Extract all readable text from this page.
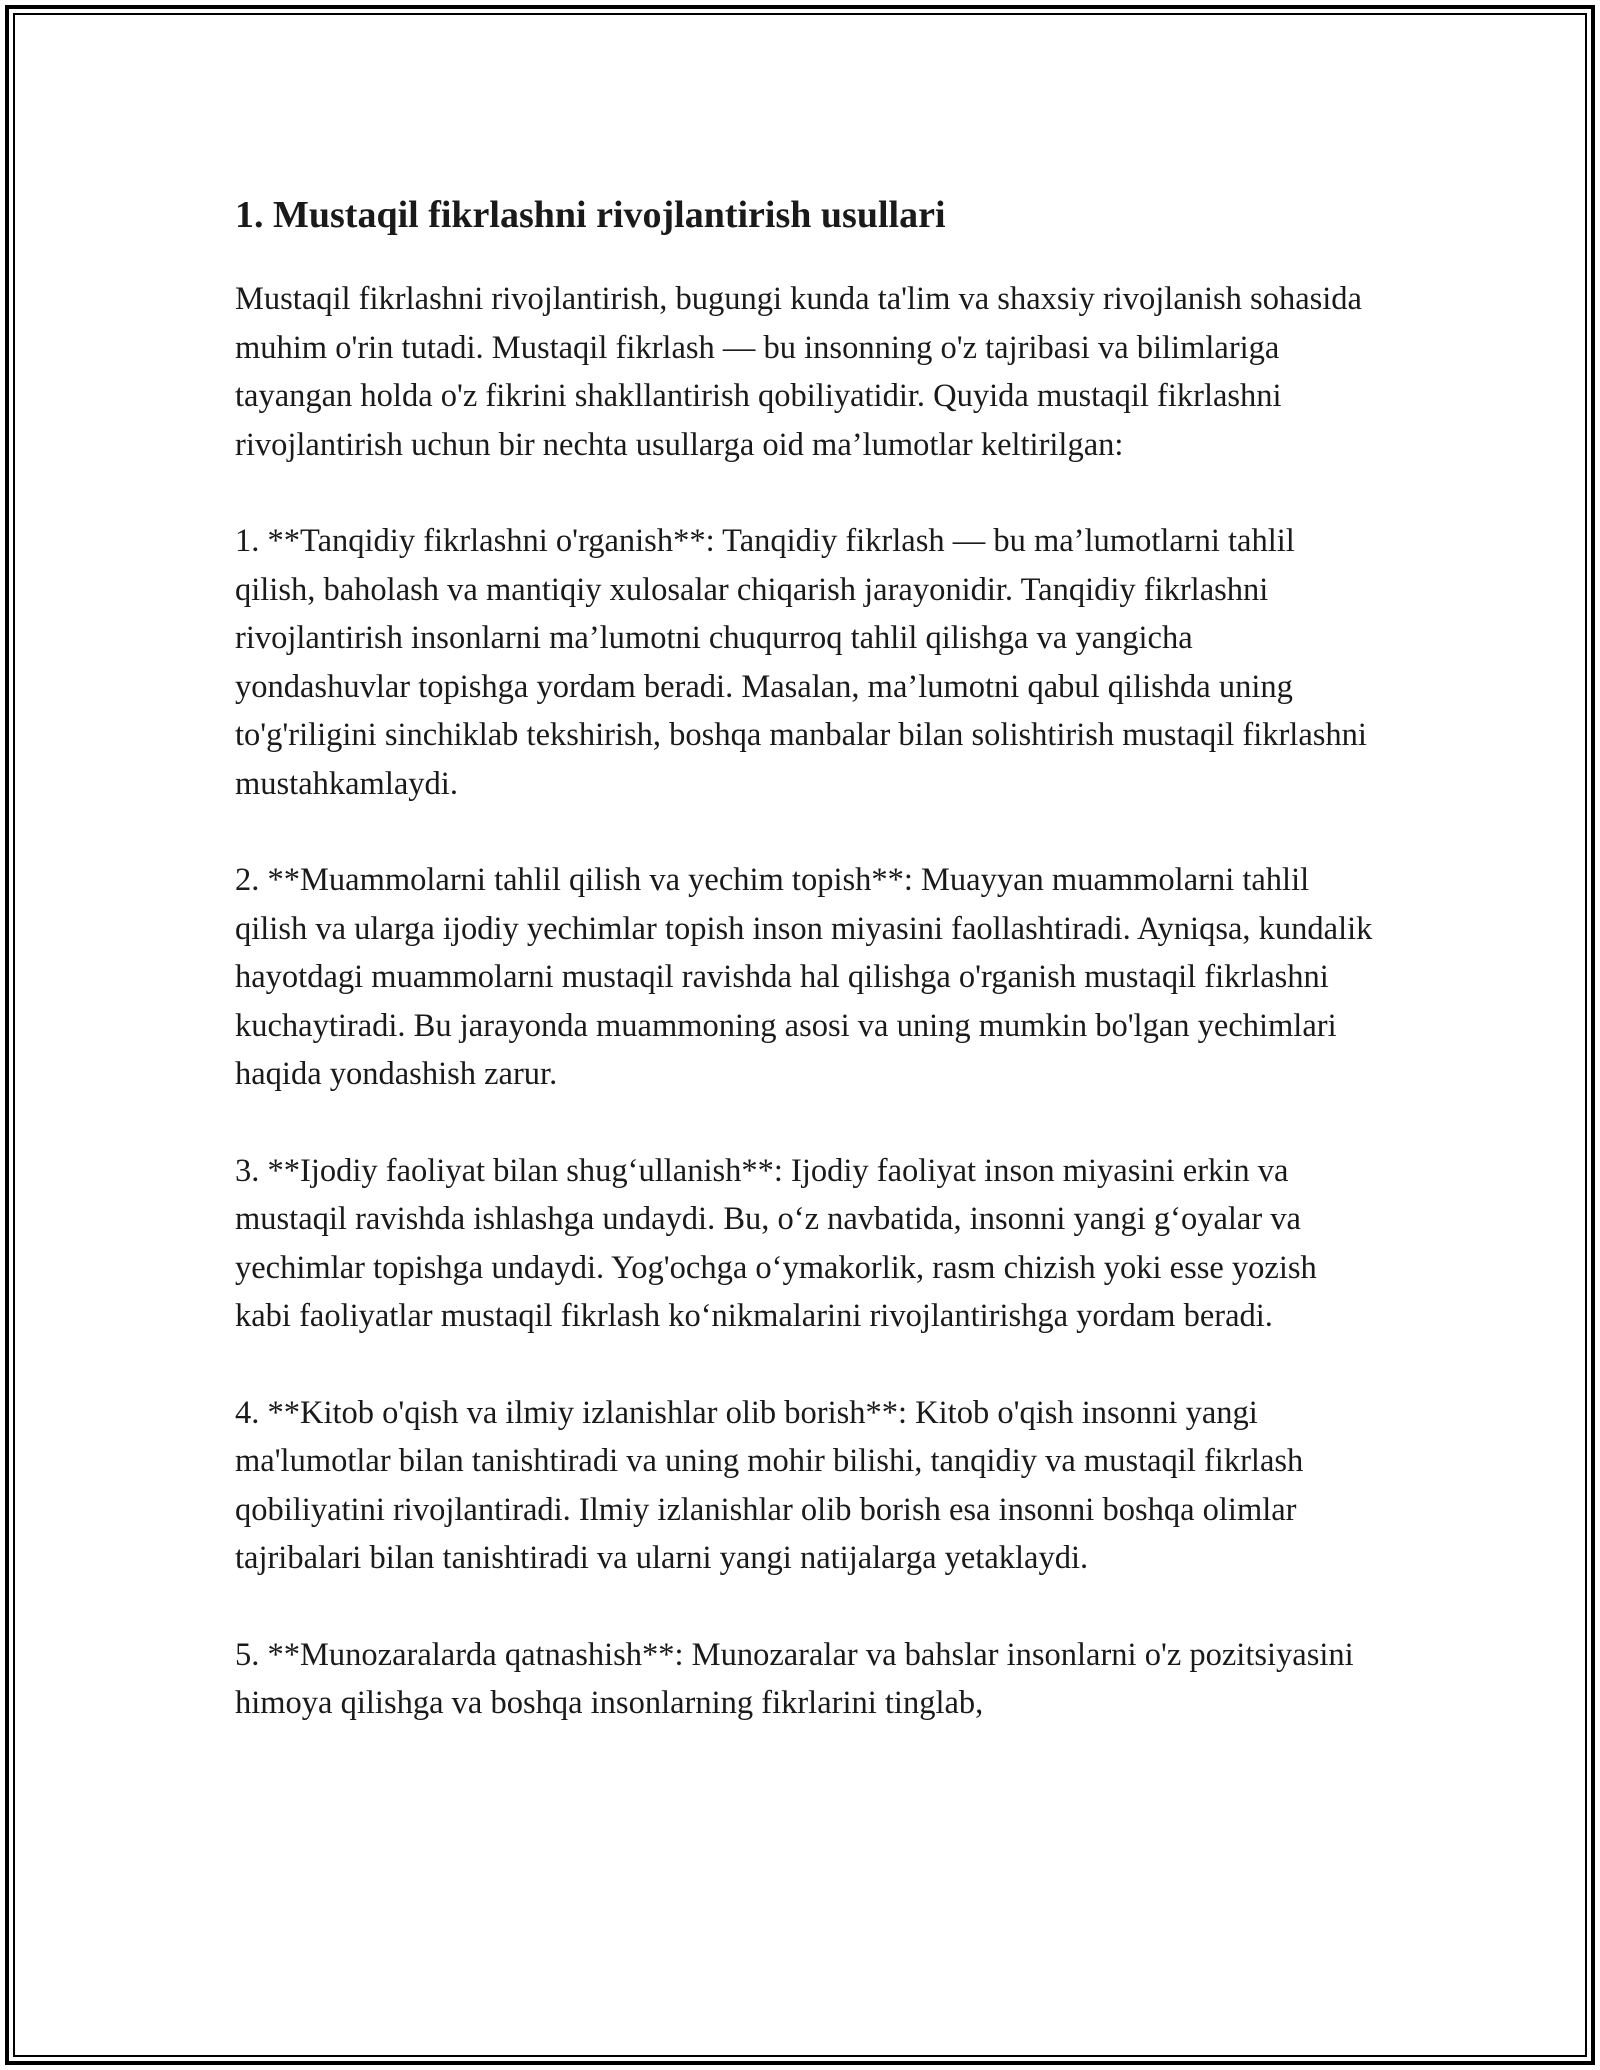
1. Mustaqil fikrlashni rivojlantirish usullari

Mustaqil fikrlashni rivojlantirish, bugungi kunda ta'lim va shaxsiy rivojlanish sohasida muhim o'rin tutadi. Mustaqil fikrlash — bu insonning o'z tajribasi va bilimlariga tayangan holda o'z fikrini shakllantirish qobiliyatidir. Quyida mustaqil fikrlashni rivojlantirish uchun bir nechta usullarga oid ma’lumotlar keltirilgan:

1. **Tanqidiy fikrlashni o'rganish**: Tanqidiy fikrlash — bu ma’lumotlarni tahlil qilish, baholash va mantiqiy xulosalar chiqarish jarayonidir. Tanqidiy fikrlashni rivojlantirish insonlarni ma’lumotni chuqurroq tahlil qilishga va yangicha yondashuvlar topishga yordam beradi. Masalan, ma’lumotni qabul qilishda uning to'g'riligini sinchiklab tekshirish, boshqa manbalar bilan solishtirish mustaqil fikrlashni mustahkamlaydi.

2. **Muammolarni tahlil qilish va yechim topish**: Muayyan muammolarni tahlil qilish va ularga ijodiy yechimlar topish inson miyasini faollashtiradi. Ayniqsa, kundalik hayotdagi muammolarni mustaqil ravishda hal qilishga o'rganish mustaqil fikrlashni kuchaytiradi. Bu jarayonda muammoning asosi va uning mumkin bo'lgan yechimlari haqida yondashish zarur.

3. **Ijodiy faoliyat bilan shug‘ullanish**: Ijodiy faoliyat inson miyasini erkin va mustaqil ravishda ishlashga undaydi. Bu, o‘z navbatida, insonni yangi g‘oyalar va yechimlar topishga undaydi. Yog'ochga o‘ymakorlik, rasm chizish yoki esse yozish kabi faoliyatlar mustaqil fikrlash ko‘nikmalarini rivojlantirishga yordam beradi.

4. **Kitob o'qish va ilmiy izlanishlar olib borish**: Kitob o'qish insonni yangi ma'lumotlar bilan tanishtiradi va uning mohir bilishi, tanqidiy va mustaqil fikrlash qobiliyatini rivojlantiradi. Ilmiy izlanishlar olib borish esa insonni boshqa olimlar tajribalari bilan tanishtiradi va ularni yangi natijalarga yetaklaydi.

5. **Munozaralarda qatnashish**: Munozaralar va bahslar insonlarni o'z pozitsiyasini himoya qilishga va boshqa insonlarning fikrlarini tinglab,
